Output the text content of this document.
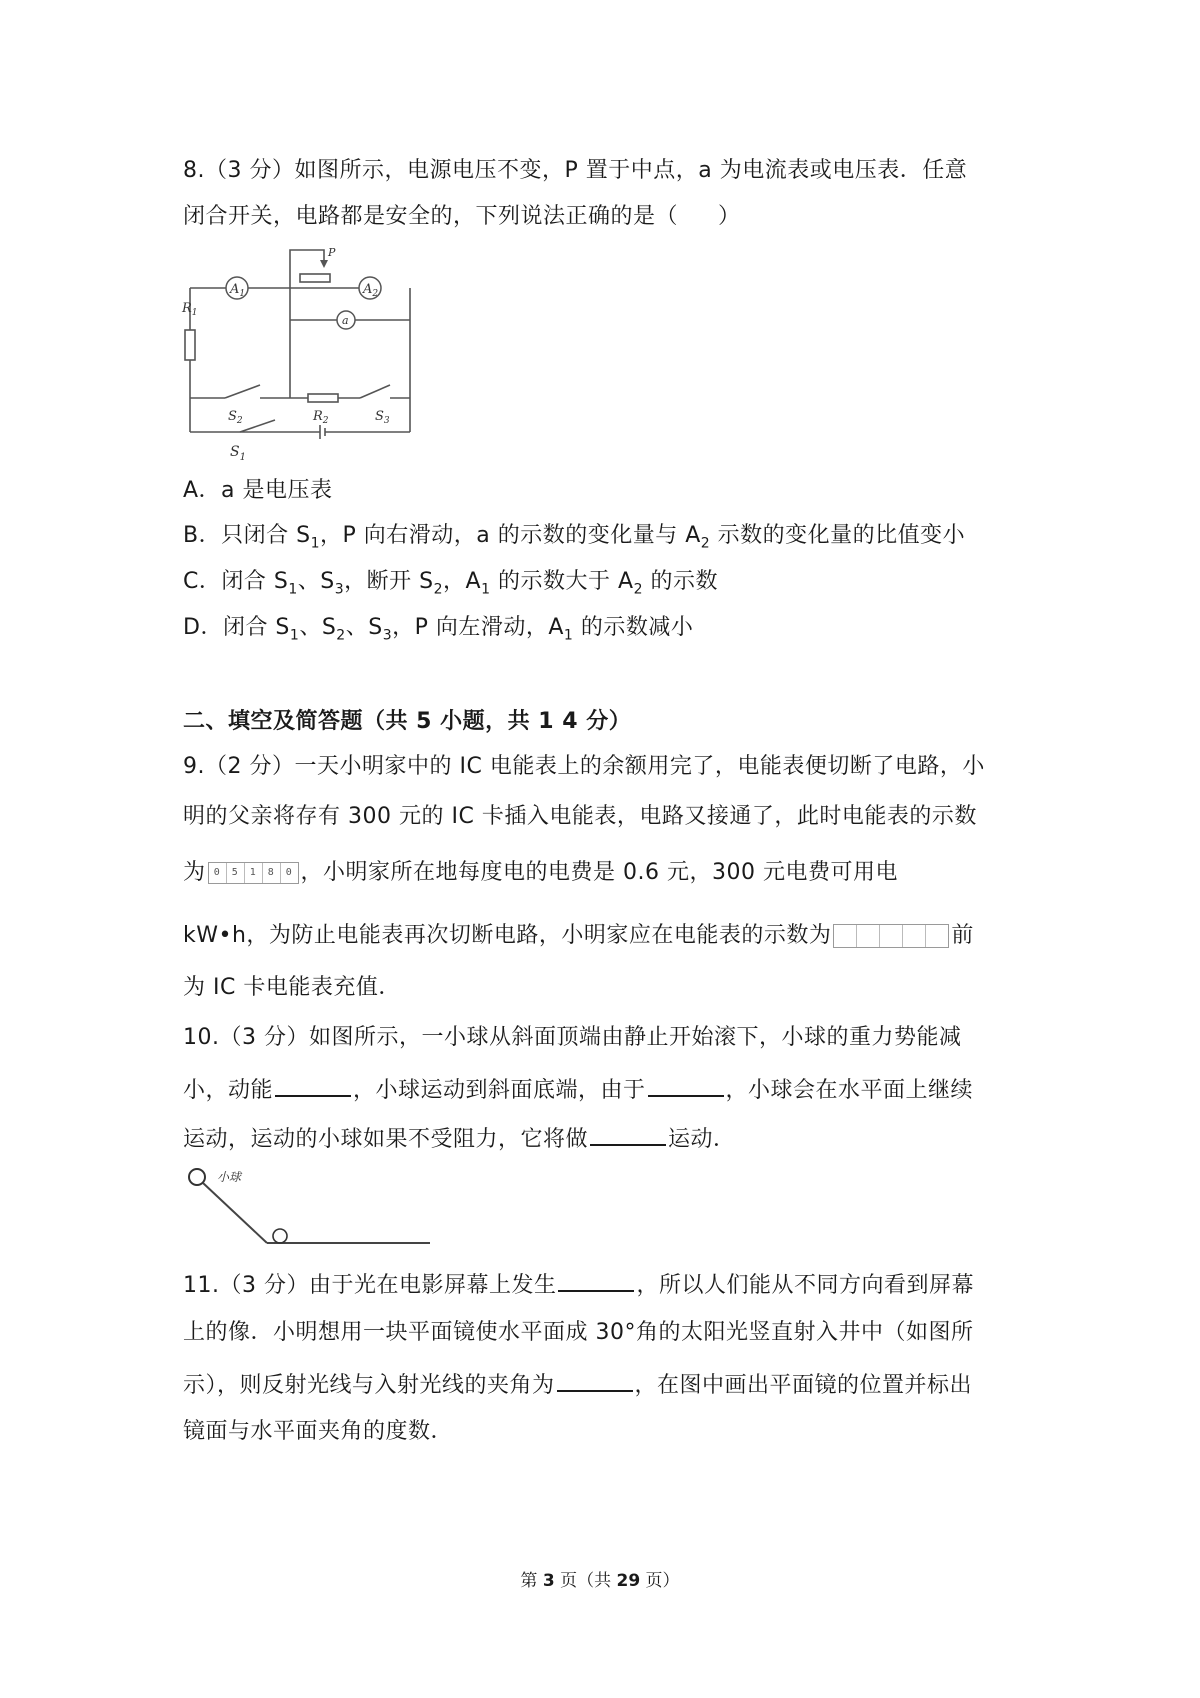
8.（3 分）如图所示，电源电压不变，P 置于中点，a 为电流表或电压表．任意
闭合开关，电路都是安全的，下列说法正确的是（ ）
$A_1$	$A_2$
P
a
$R_1$
$R_2$
$S_2$	$S_3$
$S_1$
A．a 是电压表
B．只闭合 $S_1$，P 向右滑动，a 的示数的变化量与 $A_2$ 示数的变化量的比值变小
C．闭合 $S_1$、$S_3$，断开 $S_2$，$A_1$ 的示数大于 $A_2$ 的示数
D．闭合 $S_1$、$S_2$、$S_3$，P 向左滑动，$A_1$ 的示数减小
二、填空及简答题（共 5 小题，共 1 4 分）
9.（2 分）一天小明家中的 IC 电能表上的余额用完了，电能表便切断了电路，小
明的父亲将存有 300 元的 IC 卡插入电能表，电路又接通了，此时电能表的示数
为 0 5 1 8 0 ，小明家所在地每度电的电费是 0.6 元，300 元电费可用电
kW•h，为防止电能表再次切断电路，小明家应在电能表的示数为	前
为 IC 卡电能表充值．
10.（3 分）如图所示，一小球从斜面顶端由静止开始滚下，小球的重力势能减
小，动能	，小球运动到斜面底端，由于	，小球会在水平面上继续
运动，运动的小球如果不受阻力，它将做	运动．
小球
11.（3 分）由于光在电影屏幕上发生	，所以人们能从不同方向看到屏幕
上的像．小明想用一块平面镜使水平面成 30°角的太阳光竖直射入井中（如图所
示），则反射光线与入射光线的夹角为	，在图中画出平面镜的位置并标出
镜面与水平面夹角的度数．
第 3 页（共 29 页）
